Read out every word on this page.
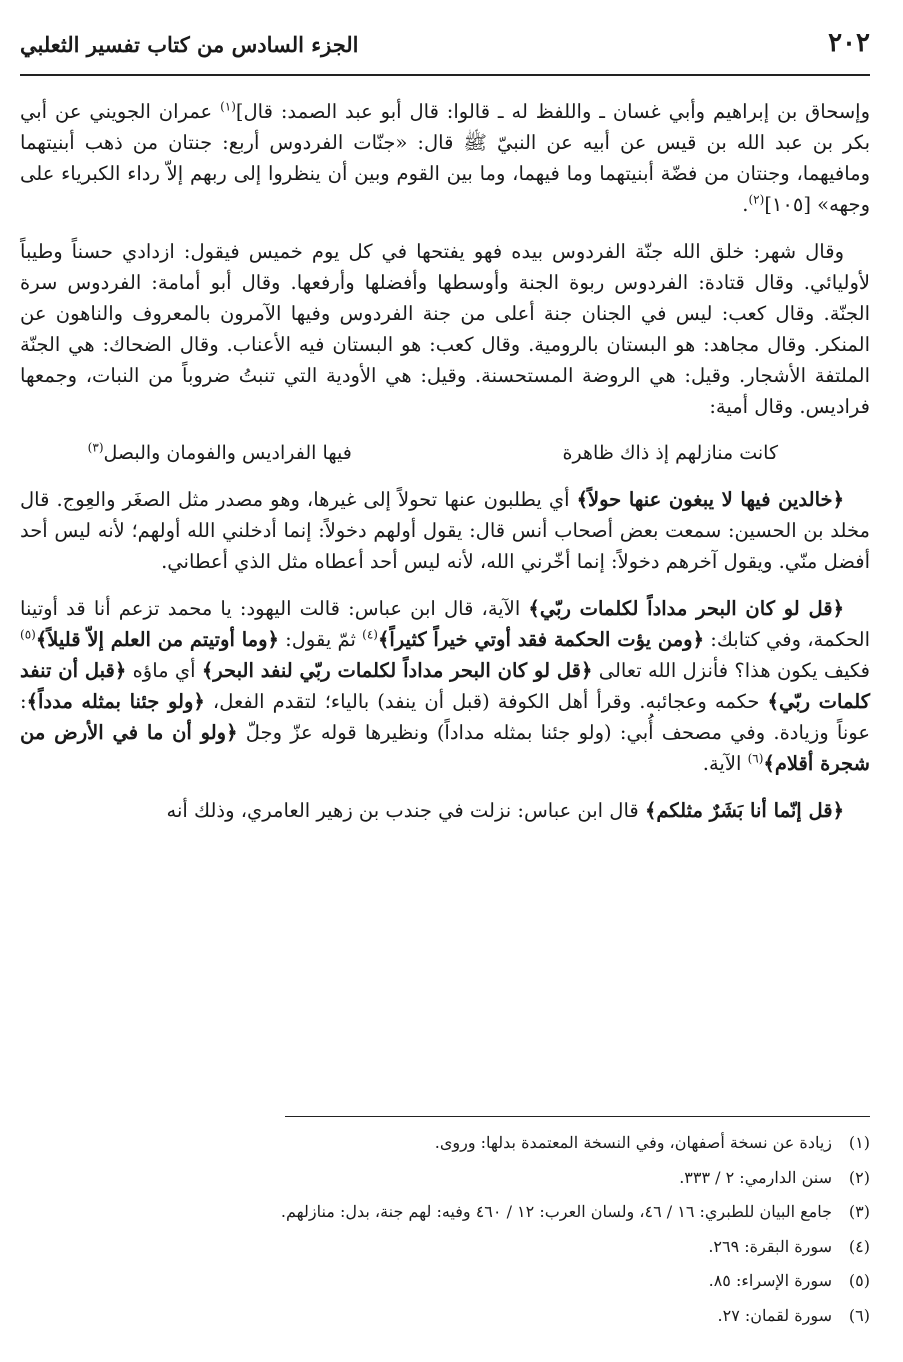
٢٠٢
الجزء السادس من كتاب تفسير الثعلبي

وإسحاق بن إبراهيم وأبي غسان ـ واللفظ له ـ قالوا: قال أبو عبد الصمد: قال]$^{(١)}$ عمران الجويني عن أبي بكر بن عبد الله بن قيس عن أبيه عن النبيّ ﷺ قال: «جنّات الفردوس أربع: جنتان من ذهب أبنيتهما ومافيهما، وجنتان من فضّة أبنيتهما وما فيهما، وما بين القوم وبين أن ينظروا إلى ربهم إلاّ رداء الكبرياء على وجهه» [١٠٥]$^{(٢)}$.

وقال شهر: خلق الله جنّة الفردوس بيده فهو يفتحها في كل يوم خميس فيقول: ازدادي حسناً وطيباً لأوليائي. وقال قتادة: الفردوس ربوة الجنة وأوسطها وأفضلها وأرفعها. وقال أبو أمامة: الفردوس سرة الجنّة. وقال كعب: ليس في الجنان جنة أعلى من جنة الفردوس وفيها الآمرون بالمعروف والناهون عن المنكر. وقال مجاهد: هو البستان بالرومية. وقال كعب: هو البستان فيه الأعناب. وقال الضحاك: هي الجنّة الملتفة الأشجار. وقيل: هي الروضة المستحسنة. وقيل: هي الأودية التي تنبتُ ضروباً من النبات، وجمعها فراديس. وقال أمية:

كانت منازلهم إذ ذاك ظاهرة
فيها الفراديس والفومان والبصل$^{(٣)}$

﴿خالدين فيها لا يبغون عنها حولاً﴾ أي يطلبون عنها تحولاً إلى غيرها، وهو مصدر مثل الصغَر والعِوج. قال مخلد بن الحسين: سمعت بعض أصحاب أنس قال: يقول أولهم دخولاً: إنما أدخلني الله أولهم؛ لأنه ليس أحد أفضل منّي. ويقول آخرهم دخولاً: إنما أخّرني الله، لأنه ليس أحد أعطاه مثل الذي أعطاني.

﴿قل لو كان البحر مداداً لكلمات ربّي﴾ الآية، قال ابن عباس: قالت اليهود: يا محمد تزعم أنا قد أوتينا الحكمة، وفي كتابك: ﴿ومن يؤت الحكمة فقد أوتي خيراً كثيراً﴾$^{(٤)}$ ثمّ يقول: ﴿وما أوتيتم من العلم إلاّ قليلاً﴾$^{(٥)}$ فكيف يكون هذا؟ فأنزل الله تعالى ﴿قل لو كان البحر مداداً لكلمات ربّي لنفد البحر﴾ أي ماؤه ﴿قبل أن تنفد كلمات ربّي﴾ حكمه وعجائبه. وقرأ أهل الكوفة (قبل أن ينفد) بالياء؛ لتقدم الفعل، ﴿ولو جئنا بمثله مدداً﴾: عوناً وزيادة. وفي مصحف أُبي: (ولو جئنا بمثله مداداً) ونظيرها قوله عزّ وجلّ ﴿ولو أن ما في الأرض من شجرة أقلام﴾$^{(٦)}$ الآية.

﴿قل إنّما أنا بَشَرٌ مثلكم﴾ قال ابن عباس: نزلت في جندب بن زهير العامري، وذلك أنه

(١)
زيادة عن نسخة أصفهان، وفي النسخة المعتمدة بدلها: وروى.
(٢)
سنن الدارمي: ٢ / ٣٣٣.
(٣)
جامع البيان للطبري: ١٦ / ٤٦، ولسان العرب: ١٢ / ٤٦٠ وفيه: لهم جنة، بدل: منازلهم.
(٤)
سورة البقرة: ٢٦٩.
(٥)
سورة الإسراء: ٨٥.
(٦)
سورة لقمان: ٢٧.
